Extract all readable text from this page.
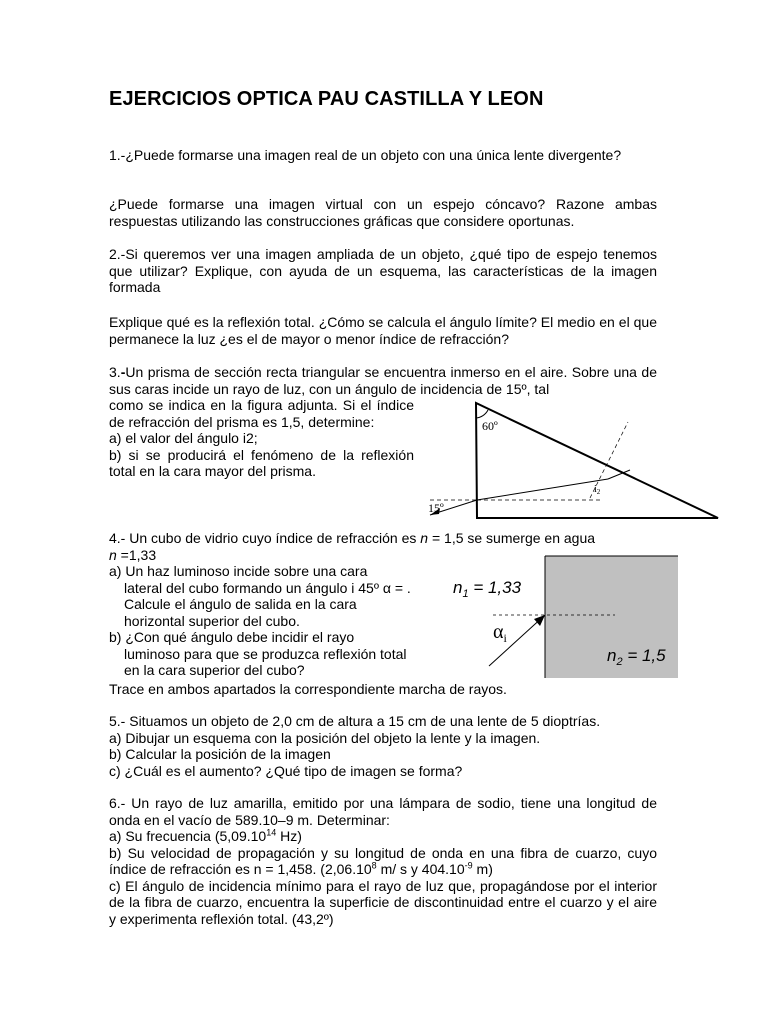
EJERCICIOS OPTICA PAU CASTILLA Y LEON
1.-¿Puede formarse una imagen real de un objeto con una única lente divergente?
¿Puede formarse una imagen virtual con un espejo cóncavo? Razone ambas respuestas utilizando las construcciones gráficas que considere oportunas.
2.-Si queremos ver una imagen ampliada de un objeto, ¿qué tipo de espejo tenemos que utilizar? Explique, con ayuda de un esquema, las características de la imagen formada
Explique qué es la reflexión total. ¿Cómo se calcula el ángulo límite? El medio en el que permanece la luz ¿es el de mayor o menor índice de refracción?
3.-Un prisma de sección recta triangular se encuentra inmerso en el aire. Sobre una de sus caras incide un rayo de luz, con un ángulo de incidencia de 15º, tal
como se indica en la figura adjunta. Si el índice de refracción del prisma es 1,5, determine:
a) el valor del ángulo i2;
b) si se producirá el fenómeno de la reflexión total en la cara mayor del prisma.
60º
$i_2$
15º
4.- Un cubo de vidrio cuyo índice de refracción es n = 1,5 se sumerge en agua
n =1,33
a) Un haz luminoso incide sobre una cara
lateral del cubo formando un ángulo i 45º α = .
Calcule el ángulo de salida en la cara
horizontal superior del cubo.
b) ¿Con qué ángulo debe incidir el rayo
luminoso para que se produzca reflexión total
en la cara superior del cubo?
Trace en ambos apartados la correspondiente marcha de rayos.
$n_1 = 1,33$
$n_2 = 1,5$
$\alpha_i$
5.- Situamos un objeto de 2,0 cm de altura a 15 cm de una lente de 5 dioptrías.
a) Dibujar un esquema con la posición del objeto la lente y la imagen.
b) Calcular la posición de la imagen
c) ¿Cuál es el aumento? ¿Qué tipo de imagen se forma?
6.- Un rayo de luz amarilla, emitido por una lámpara de sodio, tiene una longitud de onda en el vacío de 589.10–9 m. Determinar:
a) Su frecuencia (5,09.10$^{14}$ Hz)
b) Su velocidad de propagación y su longitud de onda en una fibra de cuarzo, cuyo índice de refracción es n = 1,458. (2,06.10$^8$ m/ s y $404.10^{-9}$ m)
c) El ángulo de incidencia mínimo para el rayo de luz que, propagándose por el interior de la fibra de cuarzo, encuentra la superficie de discontinuidad entre el cuarzo y el aire y experimenta reflexión total. (43,2º)
